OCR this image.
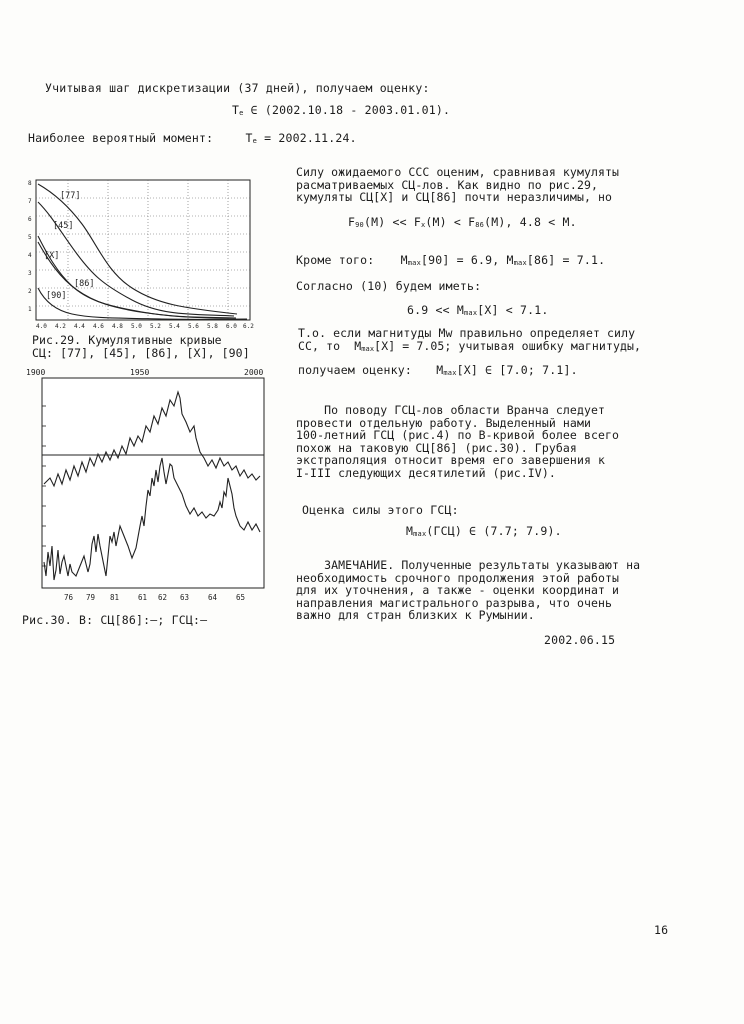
Учитывая шаг дискретизации (37 дней), получаем оценку:
Te ∈ (2002.10.18 - 2003.01.01).
Наиболее вероятный момент:	Te = 2002.11.24.
[77]
[45]
[X]
[86]
[90]
8
7
6
5
4
3
2
1
4.0 4.2 4.4 4.6 4.8 5.0 5.2 5.4 5.6 5.8 6.0 6.2
Рис.29. Кумулятивные кривые
СЦ: [77], [45], [86], [X], [90]
1900	1950	2000
76 79 81	61 62 63	64	65
Рис.30. B: СЦ[86]:—; ГСЦ:—
Силу ожидаемого ССС оценим, сравнивая кумуляты
расматриваемых СЦ-лов. Как видно по рис.29,
кумуляты СЦ[X] и СЦ[86] почти неразличимы, но
F90(M) << Fx(M) < F86(M), 4.8 < M.
Кроме того: Mmax[90] = 6.9, Mmax[86] = 7.1.
Согласно (10) будем иметь:
6.9 << Mmax[X] < 7.1.
Т.о. если магнитуды Mw правильно определяет силу
СС, то  Mmax[X] = 7.05; учитывая ошибку магнитуды,
получаем оценку: Mmax[X] ∈ [7.0; 7.1].
По поводу ГСЦ-лов области Вранча следует
провести отдельную работу. Выделенный нами
100-летний ГСЦ (рис.4) по В-кривой более всего
похож на таковую СЦ[86] (рис.30). Грубая
экстраполяция относит время его завершения к
I-III следующих десятилетий (рис.IV).
Оценка силы этого ГСЦ:
Mmax(ГСЦ) ∈ (7.7; 7.9).
ЗАМЕЧАНИЕ. Полученные результаты указывают на
необходимость срочного продолжения этой работы
для их уточнения, а также - оценки координат и
направления магистрального разрыва, что очень
важно для стран близких к Румынии.
2002.06.15
16
